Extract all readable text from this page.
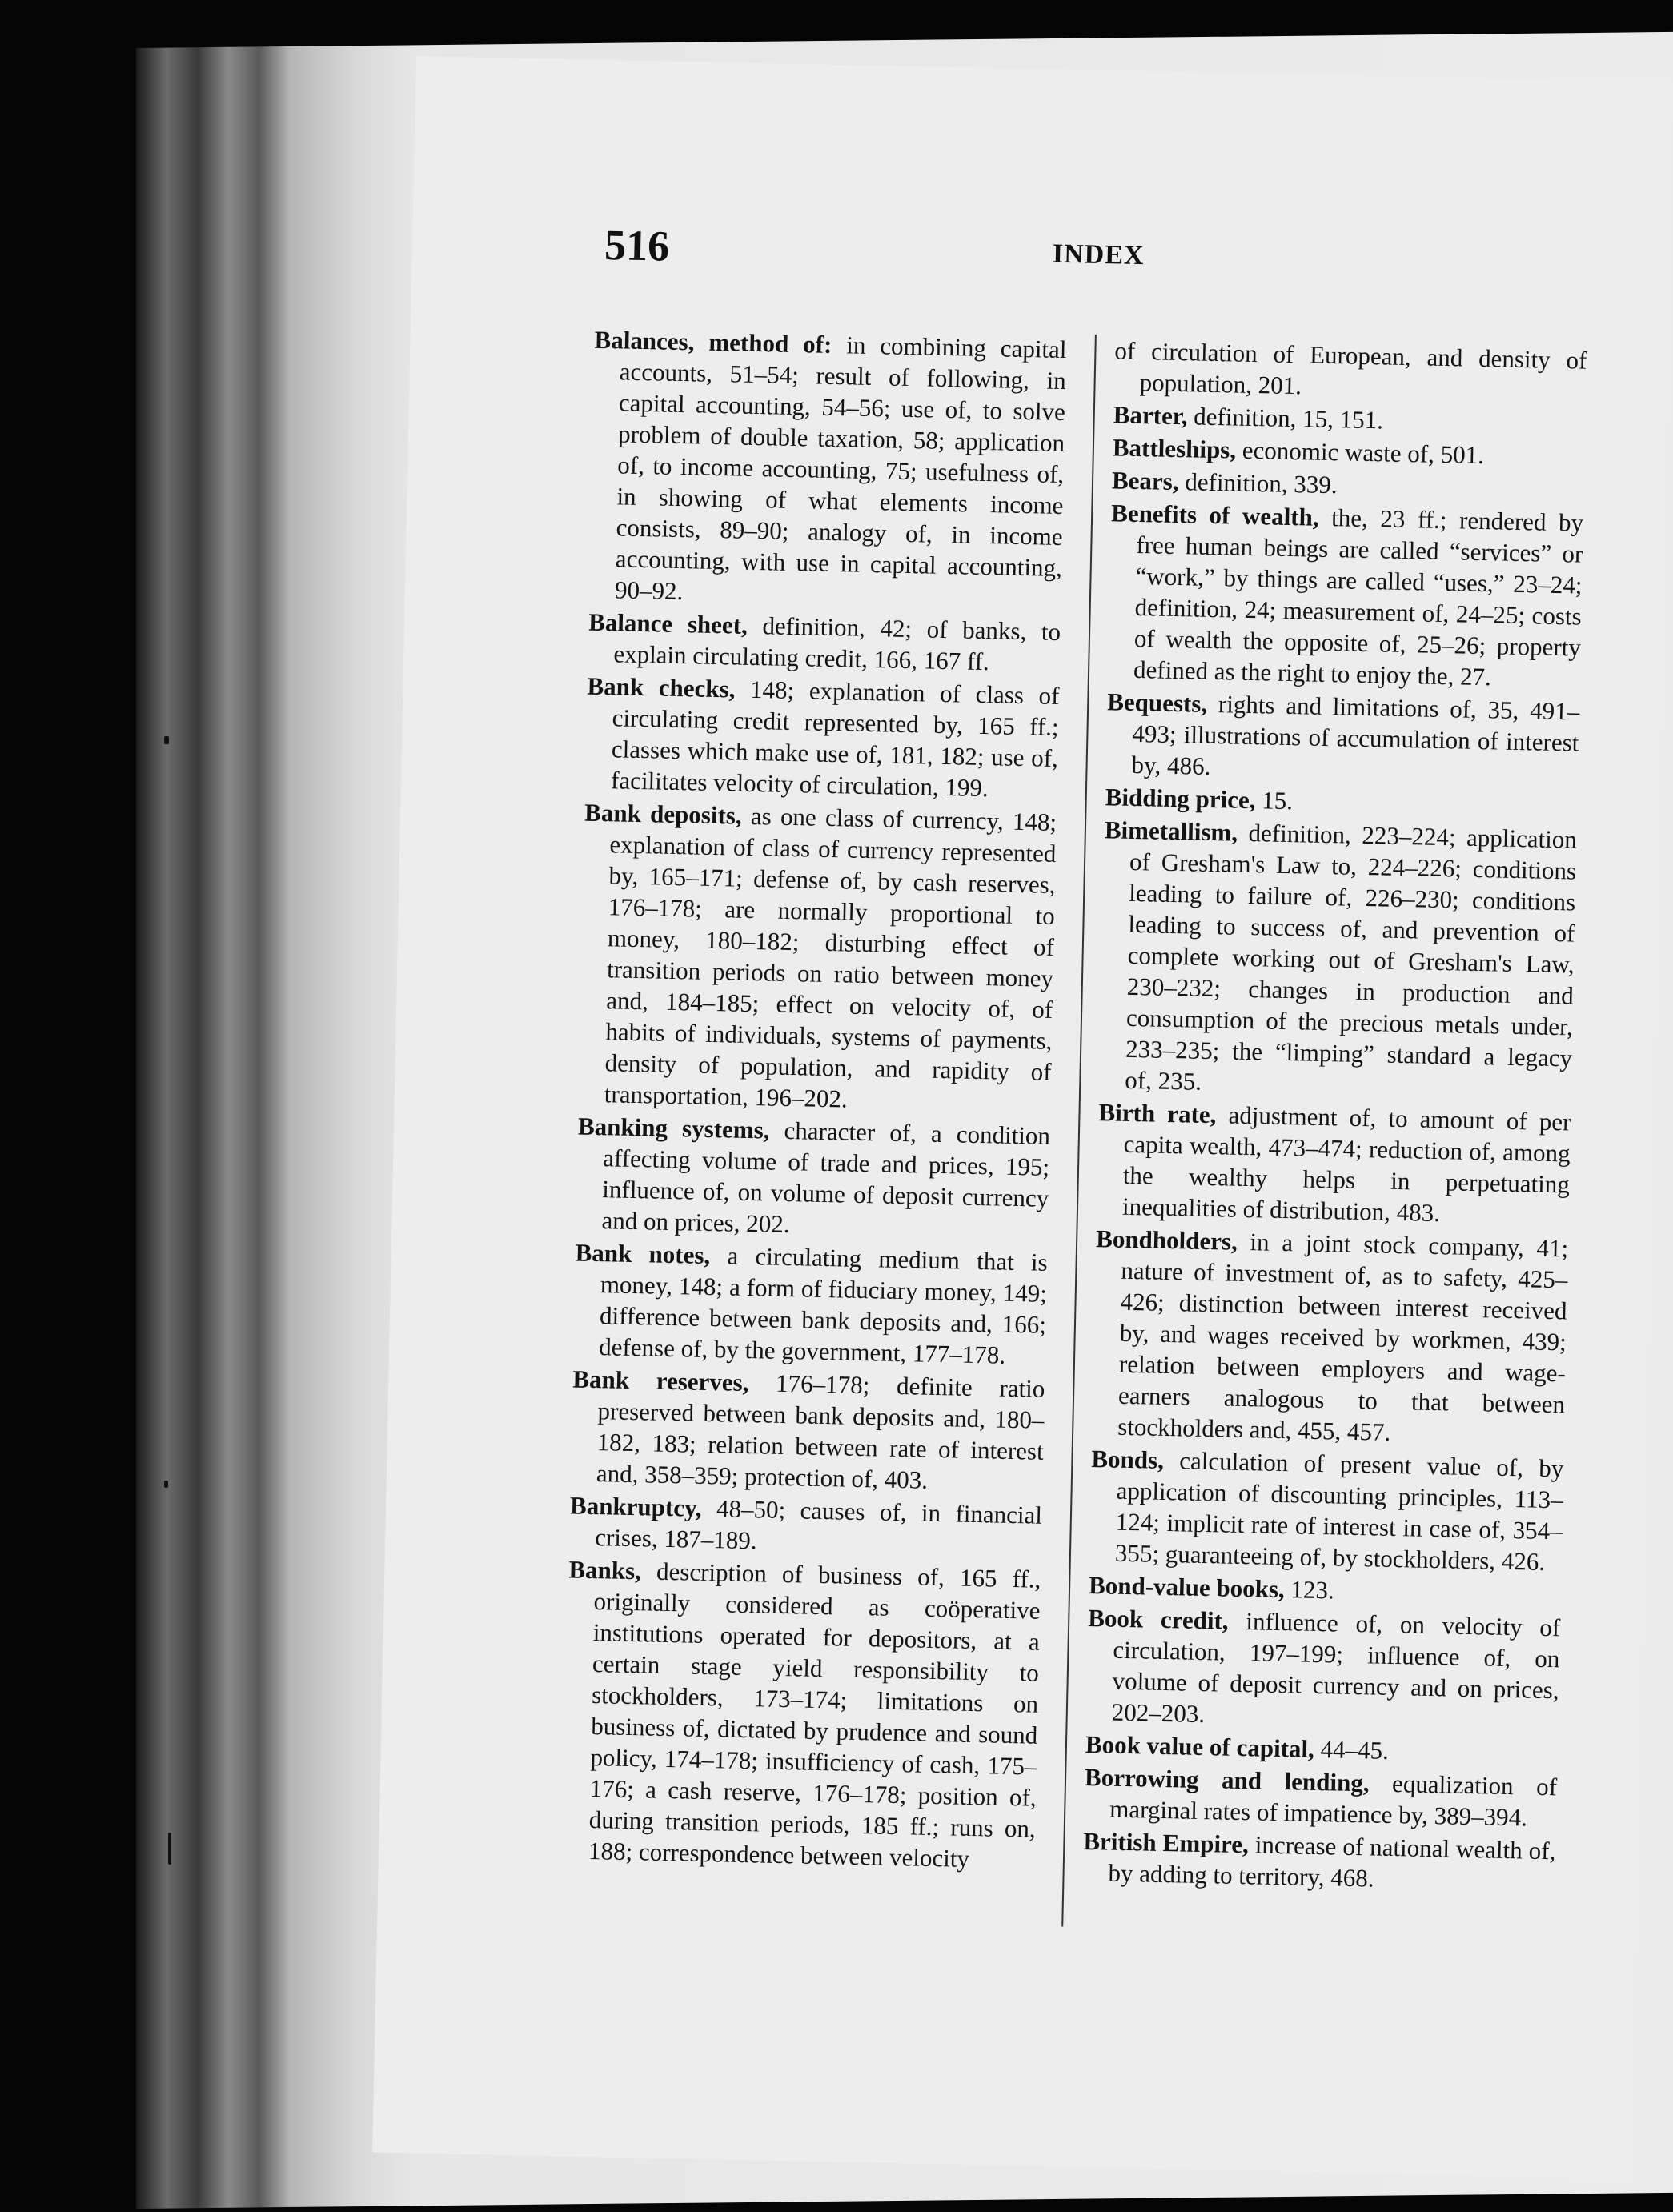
516	INDEX

Balances, method of: in combining capital accounts, 51–54; result of following, in capital accounting, 54–56; use of, to solve problem of double taxation, 58; application of, to income accounting, 75; usefulness of, in showing of what elements income consists, 89–90; analogy of, in income accounting, with use in capital accounting, 90–92.

Balance sheet, definition, 42; of banks, to explain circulating credit, 166, 167 ff.

Bank checks, 148; explanation of class of circulating credit represented by, 165 ff.; classes which make use of, 181, 182; use of, facilitates velocity of circulation, 199.

Bank deposits, as one class of currency, 148; explanation of class of currency represented by, 165–171; defense of, by cash reserves, 176–178; are normally proportional to money, 180–182; disturbing effect of transition periods on ratio between money and, 184–185; effect on velocity of, of habits of individuals, systems of payments, density of population, and rapidity of transportation, 196–202.

Banking systems, character of, a condition affecting volume of trade and prices, 195; influence of, on volume of deposit currency and on prices, 202.

Bank notes, a circulating medium that is money, 148; a form of fiduciary money, 149; difference between bank deposits and, 166; defense of, by the government, 177–178.

Bank reserves, 176–178; definite ratio preserved between bank deposits and, 180–182, 183; relation between rate of interest and, 358–359; protection of, 403.

Bankruptcy, 48–50; causes of, in financial crises, 187–189.

Banks, description of business of, 165 ff., originally considered as coöperative institutions operated for depositors, at a certain stage yield responsibility to stockholders, 173–174; limitations on business of, dictated by prudence and sound policy, 174–178; insufficiency of cash, 175–176; a cash reserve, 176–178; position of, during transition periods, 185 ff.; runs on, 188; correspondence between velocity

of circulation of European, and density of population, 201.

Barter, definition, 15, 151.

Battleships, economic waste of, 501.

Bears, definition, 339.

Benefits of wealth, the, 23 ff.; rendered by free human beings are called “services” or “work,” by things are called “uses,” 23–24; definition, 24; measurement of, 24–25; costs of wealth the opposite of, 25–26; property defined as the right to enjoy the, 27.

Bequests, rights and limitations of, 35, 491–493; illustrations of accumulation of interest by, 486.

Bidding price, 15.

Bimetallism, definition, 223–224; application of Gresham's Law to, 224–226; conditions leading to failure of, 226–230; conditions leading to success of, and prevention of complete working out of Gresham's Law, 230–232; changes in production and consumption of the precious metals under, 233–235; the “limping” standard a legacy of, 235.

Birth rate, adjustment of, to amount of per capita wealth, 473–474; reduction of, among the wealthy helps in perpetuating inequalities of distribution, 483.

Bondholders, in a joint stock company, 41; nature of investment of, as to safety, 425–426; distinction between interest received by, and wages received by workmen, 439; relation between employers and wage-earners analogous to that between stockholders and, 455, 457.

Bonds, calculation of present value of, by application of discounting principles, 113–124; implicit rate of interest in case of, 354–355; guaranteeing of, by stockholders, 426.

Bond-value books, 123.

Book credit, influence of, on velocity of circulation, 197–199; influence of, on volume of deposit currency and on prices, 202–203.

Book value of capital, 44–45.

Borrowing and lending, equalization of marginal rates of impatience by, 389–394.

British Empire, increase of national wealth of, by adding to territory, 468.
